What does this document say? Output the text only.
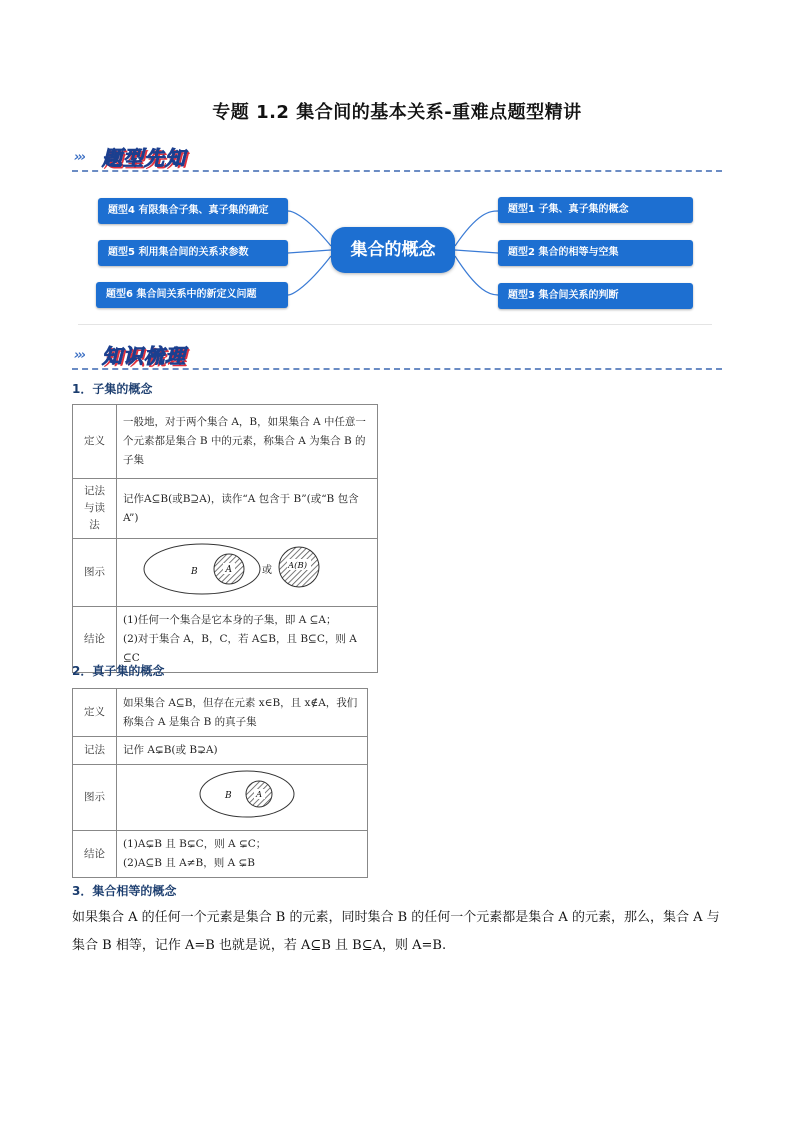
专题 1.2 集合间的基本关系-重难点题型精讲
››› 题型先知
题型4 有限集合子集、真子集的确定
题型5 利用集合间的关系求参数
题型6 集合间关系中的新定义问题
集合的概念
题型1 子集、真子集的概念
题型2 集合的相等与空集
题型3 集合间关系的判断
››› 知识梳理
1．子集的概念
定义	一般地，对于两个集合 A，B，如果集合 A 中任意一个元素都是集合 B 中的元素，称集合 A 为集合 B 的子集
记法与读法	记作A⊆B(或B⊇A)，读作“A 包含于 B”(或“B 包含 A”)
图示	B A 或 A(B)

结论	(1)任何一个集合是它本身的子集，即 A ⊆A；
(2)对于集合 A，B，C，若 A⊆B，且 B⊆C，则 A ⊆C
2．真子集的概念
定义	如果集合 A⊆B，但存在元素 x∈B，且 x∉A，我们称集合 A 是集合 B 的真子集
记法	记作 A⊊B(或 B⊋A)
图示	B A

结论	(1)A⊊B 且 B⊊C，则 A ⊊C；
(2)A⊆B 且 A≠B，则 A ⊊B
3．集合相等的概念
如果集合 A 的任何一个元素是集合 B 的元素，同时集合 B 的任何一个元素都是集合 A 的元素，那么，集合 A 与集合 B 相等，记作 A=B 也就是说，若 A⊆B 且 B⊆A，则 A=B.
